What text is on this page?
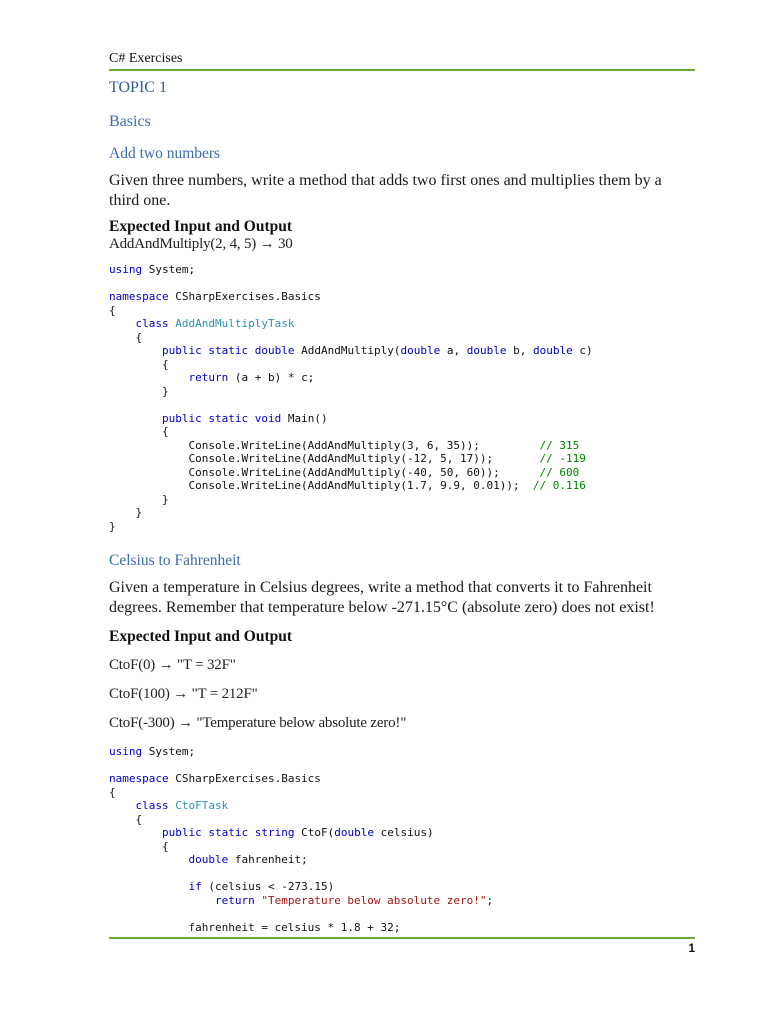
C# Exercises
TOPIC 1
Basics
Add two numbers
Given three numbers, write a method that adds two first ones and multiplies them by a third one.
Expected Input and Output
AddAndMultiply(2, 4, 5) → 30
using System;

namespace CSharpExercises.Basics
{
class AddAndMultiplyTask
{
public static double AddAndMultiply(double a, double b, double c)
{
return (a + b) * c;
}

public static void Main()
{
Console.WriteLine(AddAndMultiply(3, 6, 35));         // 315
Console.WriteLine(AddAndMultiply(-12, 5, 17));       // -119
Console.WriteLine(AddAndMultiply(-40, 50, 60));      // 600
Console.WriteLine(AddAndMultiply(1.7, 9.9, 0.01));  // 0.116
}
}
}
Celsius to Fahrenheit
Given a temperature in Celsius degrees, write a method that converts it to Fahrenheit degrees. Remember that temperature below -271.15°C (absolute zero) does not exist!
Expected Input and Output
CtoF(0) → "T = 32F"
CtoF(100) → "T = 212F"
CtoF(-300) → "Temperature below absolute zero!"
using System;

namespace CSharpExercises.Basics
{
class CtoFTask
{
public static string CtoF(double celsius)
{
double fahrenheit;

if (celsius < -273.15)
return "Temperature below absolute zero!";

fahrenheit = celsius * 1.8 + 32;
1
